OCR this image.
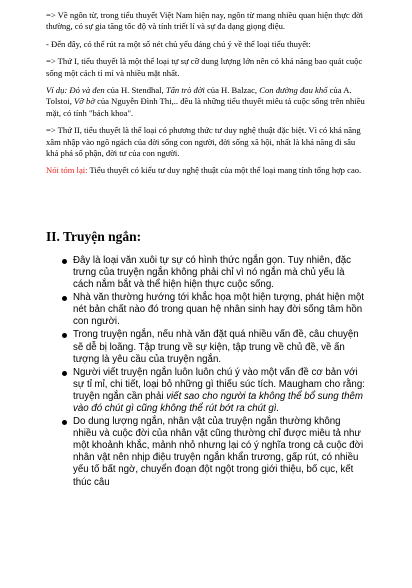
=> Về ngôn từ, trong tiểu thuyết Việt Nam hiện nay, ngôn từ mang nhiều quan hiện thực đời thường, có sự gia tăng tốc độ và tính triết lí và sự đa dạng giọng điệu.

- Đến đây, có thể rút ra một số nét chủ yếu đáng chú ý về thể loại tiểu thuyết:

=> Thứ I, tiểu thuyết là một thể loại tự sự cỡ dung lượng lớn nên có khả năng bao quát cuộc sống một cách tỉ mỉ và nhiều mặt nhất.

Ví dụ: Đỏ và đen của H. Stendhal, Tấn trò đời của H. Balzac, Con đường đau khổ của A. Tolstoi, Vỡ bờ của Nguyễn Đình Thi,.. đều là những tiểu thuyết miêu tả cuộc sống trên nhiều mặt, có tính "bách khoa".

=> Thứ II, tiểu thuyết là thể loại có phương thức tư duy nghệ thuật đặc biệt. Vì có khả năng xâm nhập vào ngõ ngách của đời sống con người, đời sống xã hội, nhất là khả năng đi sâu khả phá số phận, đời tư của con người.

Nói tóm lại: Tiểu thuyết có kiểu tư duy nghệ thuật của một thể loại mang tính tổng hợp cao.

II. Truyện ngắn:
Đây là loại văn xuôi tự sự có hình thức ngắn gọn. Tuy nhiên, đặc trưng của truyện ngắn không phải chỉ vì nó ngắn mà chủ yếu là cách nắm bắt và thể hiện hiện thực cuộc sống.
Nhà văn thường hướng tới khắc họa một hiện tượng, phát hiện một nét bản chất nào đó trong quan hệ nhân sinh hay đời sống tâm hồn con người.
Trong truyện ngắn, nếu nhà văn đặt quá nhiều vấn đề, câu chuyện sẽ dễ bị loãng. Tập trung về sự kiện, tập trung về chủ đề, về ấn tượng là yêu cầu của truyện ngắn.
Người viết truyện ngắn luôn luôn chú ý vào một vấn đề cơ bản với sự tỉ mỉ, chi tiết, loại bỏ những gì thiếu súc tích. Maugham cho rằng: truyện ngắn cần phải viết sao cho người ta không thể bổ sung thêm vào đó chút gì cũng không thể rút bớt ra chút gì.
Do dung lượng ngắn, nhân vật của truyện ngắn thường không nhiều và cuộc đời của nhân vật cũng thường chỉ được miêu tả như một khoảnh khắc, mảnh nhỏ nhưng lại có ý nghĩa trong cả cuộc đời nhân vật nên nhịp điệu truyện ngắn khẩn trương, gấp rút, có nhiều yếu tố bất ngờ, chuyển đoạn đột ngột trong giới thiệu, bố cục, kết thúc câu
